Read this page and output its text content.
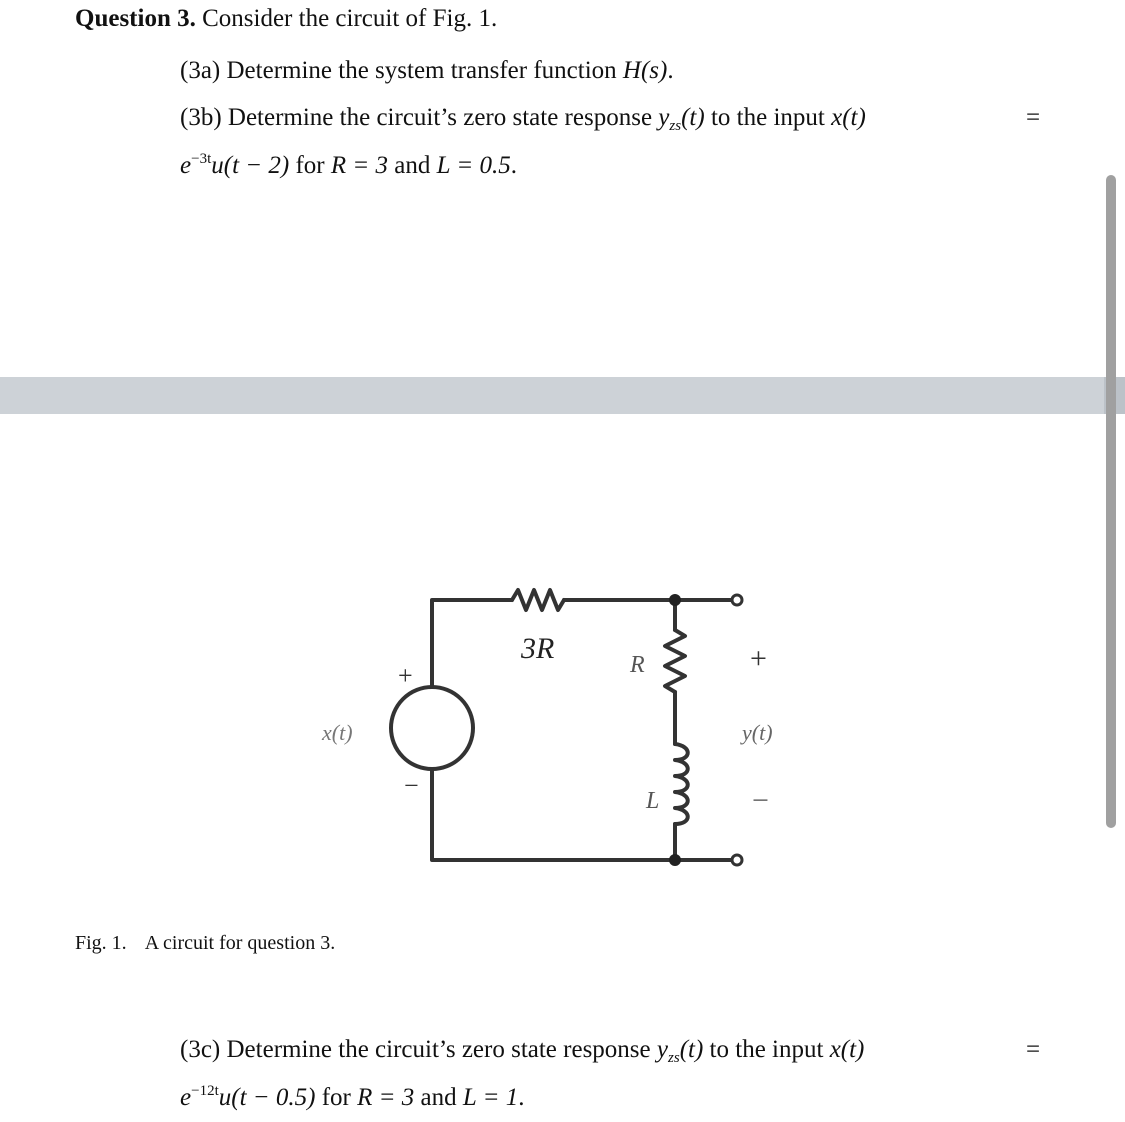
Question 3. Consider the circuit of Fig. 1.
(3a) Determine the system transfer function H(s).
(3b) Determine the circuit’s zero state response $y_{zs}(t)$ to the input x(t)	=
$e^{-3t}u(t - 2)$ for R = 3 and L = 0.5.
3R	R
L
x(t)
+
−
y(t)
+
−
Fig. 1. A circuit for question 3.
(3c) Determine the circuit’s zero state response $y_{zs}(t)$ to the input x(t)	=
$e^{-12t}u(t - 0.5)$ for R = 3 and L = 1.
